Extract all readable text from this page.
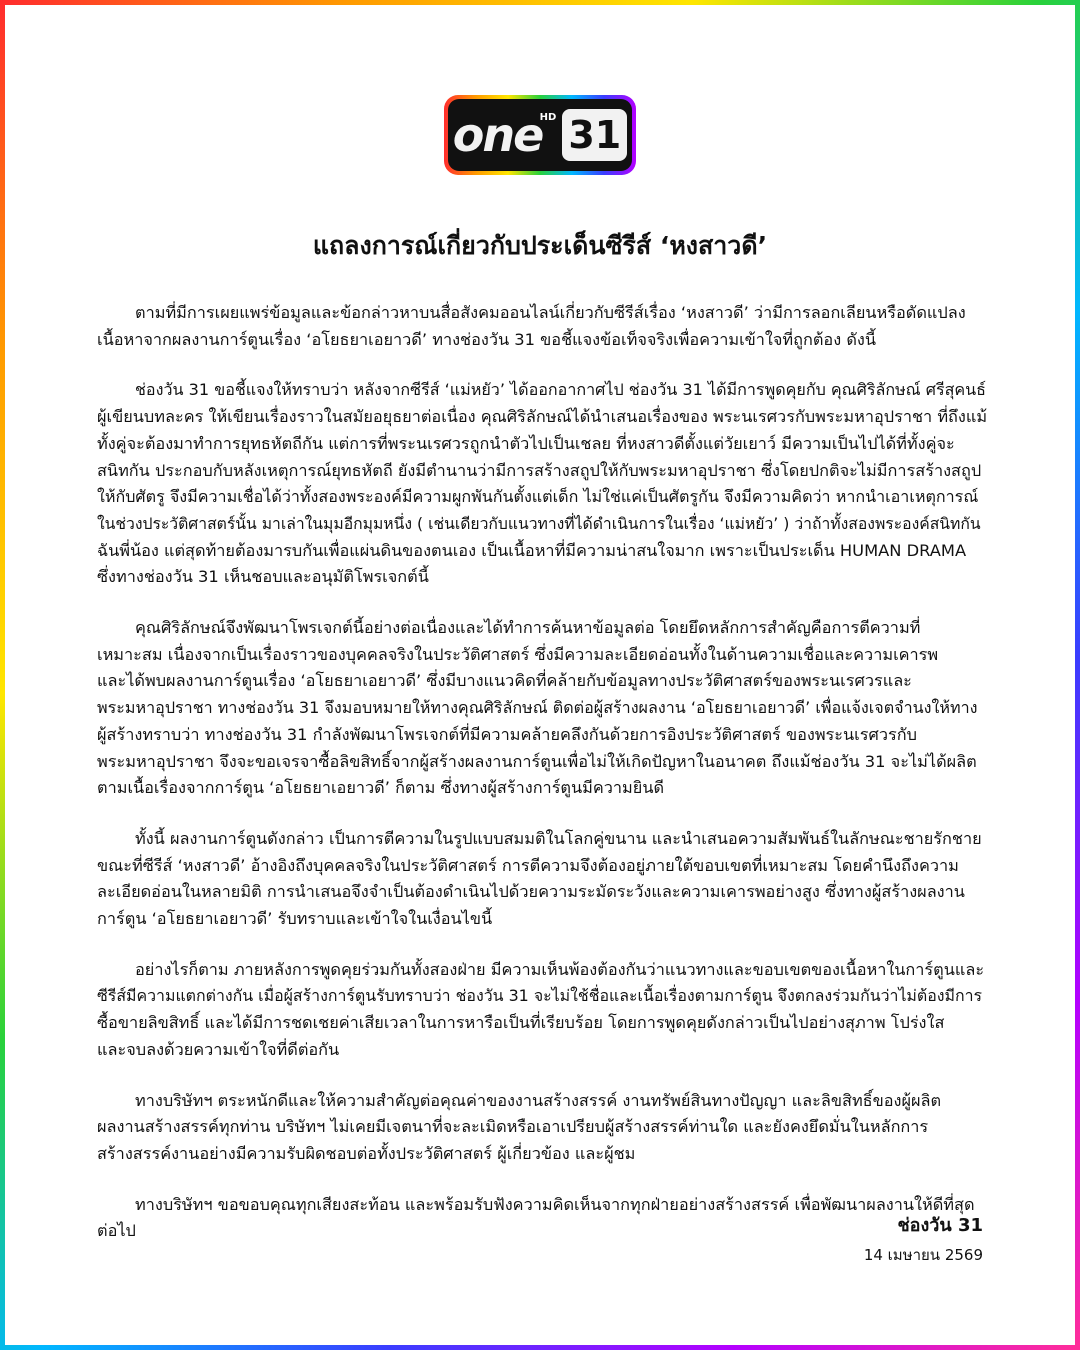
one
HD 31
แถลงการณ์เกี่ยวกับประเด็นซีรีส์ ‘หงสาวดี’

ตามที่มีการเผยแพร่ข้อมูลและข้อกล่าวหาบนสื่อสังคมออนไลน์เกี่ยวกับซีรีส์เรื่อง ‘หงสาวดี’ ว่ามีการลอกเลียนหรือดัดแปลง
เนื้อหาจากผลงานการ์ตูนเรื่อง ‘อโยธยาเอยาวดี’ ทางช่องวัน 31 ขอชี้แจงข้อเท็จจริงเพื่อความเข้าใจที่ถูกต้อง ดังนี้

ช่องวัน 31 ขอชี้แจงให้ทราบว่า หลังจากซีรีส์ ‘แม่หยัว’ ได้ออกอากาศไป ช่องวัน 31 ได้มีการพูดคุยกับ คุณศิริลักษณ์ ศรีสุคนธ์
ผู้เขียนบทละคร ให้เขียนเรื่องราวในสมัยอยุธยาต่อเนื่อง คุณศิริลักษณ์ได้นำเสนอเรื่องของ พระนเรศวรกับพระมหาอุปราชา ที่ถึงแม้
ทั้งคู่จะต้องมาทำการยุทธหัตถีกัน แต่การที่พระนเรศวรถูกนำตัวไปเป็นเชลย ที่หงสาวดีตั้งแต่วัยเยาว์ มีความเป็นไปได้ที่ทั้งคู่จะ
สนิทกัน ประกอบกับหลังเหตุการณ์ยุทธหัตถี ยังมีตำนานว่ามีการสร้างสถูปให้กับพระมหาอุปราชา ซึ่งโดยปกติจะไม่มีการสร้างสถูป
ให้กับศัตรู จึงมีความเชื่อได้ว่าทั้งสองพระองค์มีความผูกพันกันตั้งแต่เด็ก ไม่ใช่แค่เป็นศัตรูกัน จึงมีความคิดว่า หากนำเอาเหตุการณ์
ในช่วงประวัติศาสตร์นั้น มาเล่าในมุมอีกมุมหนึ่ง ( เช่นเดียวกับแนวทางที่ได้ดำเนินการในเรื่อง ‘แม่หยัว’ ) ว่าถ้าทั้งสองพระองค์สนิทกัน
ฉันพี่น้อง แต่สุดท้ายต้องมารบกันเพื่อแผ่นดินของตนเอง เป็นเนื้อหาที่มีความน่าสนใจมาก เพราะเป็นประเด็น HUMAN DRAMA
ซึ่งทางช่องวัน 31 เห็นชอบและอนุมัติโพรเจกต์นี้

คุณศิริลักษณ์จึงพัฒนาโพรเจกต์นี้อย่างต่อเนื่องและได้ทำการค้นหาข้อมูลต่อ โดยยึดหลักการสำคัญคือการตีความที่
เหมาะสม เนื่องจากเป็นเรื่องราวของบุคคลจริงในประวัติศาสตร์ ซึ่งมีความละเอียดอ่อนทั้งในด้านความเชื่อและความเคารพ
และได้พบผลงานการ์ตูนเรื่อง ‘อโยธยาเอยาวดี’ ซึ่งมีบางแนวคิดที่คล้ายกับข้อมูลทางประวัติศาสตร์ของพระนเรศวรและ
พระมหาอุปราชา ทางช่องวัน 31 จึงมอบหมายให้ทางคุณศิริลักษณ์ ติดต่อผู้สร้างผลงาน ‘อโยธยาเอยาวดี’ เพื่อแจ้งเจตจำนงให้ทาง
ผู้สร้างทราบว่า ทางช่องวัน 31 กำลังพัฒนาโพรเจกต์ที่มีความคล้ายคลึงกันด้วยการอิงประวัติศาสตร์ ของพระนเรศวรกับ
พระมหาอุปราชา จึงจะขอเจรจาซื้อลิขสิทธิ์จากผู้สร้างผลงานการ์ตูนเพื่อไม่ให้เกิดปัญหาในอนาคต ถึงแม้ช่องวัน 31 จะไม่ได้ผลิต
ตามเนื้อเรื่องจากการ์ตูน ‘อโยธยาเอยาวดี’ ก็ตาม ซึ่งทางผู้สร้างการ์ตูนมีความยินดี

ทั้งนี้ ผลงานการ์ตูนดังกล่าว เป็นการตีความในรูปแบบสมมติในโลกคู่ขนาน และนำเสนอความสัมพันธ์ในลักษณะชายรักชาย
ขณะที่ซีรีส์ ‘หงสาวดี’ อ้างอิงถึงบุคคลจริงในประวัติศาสตร์ การตีความจึงต้องอยู่ภายใต้ขอบเขตที่เหมาะสม โดยคำนึงถึงความ
ละเอียดอ่อนในหลายมิติ การนำเสนอจึงจำเป็นต้องดำเนินไปด้วยความระมัดระวังและความเคารพอย่างสูง ซึ่งทางผู้สร้างผลงาน
การ์ตูน ‘อโยธยาเอยาวดี’ รับทราบและเข้าใจในเงื่อนไขนี้

อย่างไรก็ตาม ภายหลังการพูดคุยร่วมกันทั้งสองฝ่าย มีความเห็นพ้องต้องกันว่าแนวทางและขอบเขตของเนื้อหาในการ์ตูนและ
ซีรีส์มีความแตกต่างกัน เมื่อผู้สร้างการ์ตูนรับทราบว่า ช่องวัน 31 จะไม่ใช้ชื่อและเนื้อเรื่องตามการ์ตูน จึงตกลงร่วมกันว่าไม่ต้องมีการ
ซื้อขายลิขสิทธิ์ และได้มีการชดเชยค่าเสียเวลาในการหารือเป็นที่เรียบร้อย โดยการพูดคุยดังกล่าวเป็นไปอย่างสุภาพ โปร่งใส
และจบลงด้วยความเข้าใจที่ดีต่อกัน

ทางบริษัทฯ ตระหนักดีและให้ความสำคัญต่อคุณค่าของงานสร้างสรรค์ งานทรัพย์สินทางปัญญา และลิขสิทธิ์ของผู้ผลิต
ผลงานสร้างสรรค์ทุกท่าน บริษัทฯ ไม่เคยมีเจตนาที่จะละเมิดหรือเอาเปรียบผู้สร้างสรรค์ท่านใด และยังคงยึดมั่นในหลักการ
สร้างสรรค์งานอย่างมีความรับผิดชอบต่อทั้งประวัติศาสตร์ ผู้เกี่ยวข้อง และผู้ชม

ทางบริษัทฯ ขอขอบคุณทุกเสียงสะท้อน และพร้อมรับฟังความคิดเห็นจากทุกฝ่ายอย่างสร้างสรรค์ เพื่อพัฒนาผลงานให้ดีที่สุด
ต่อไป	ช่องวัน 31
14 เมษายน 2569
